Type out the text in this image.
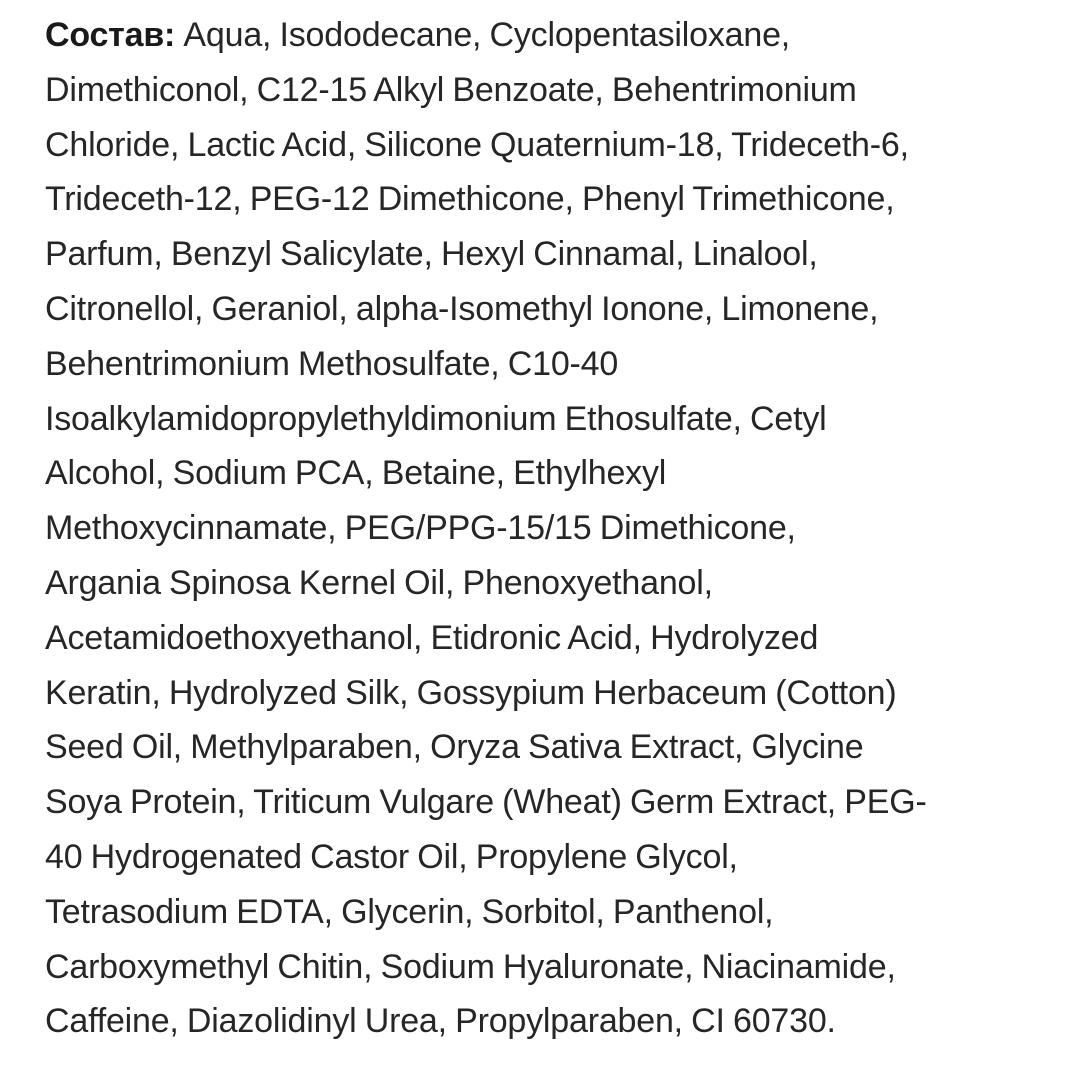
Состав: Aqua, Isododecane, Cyclopentasiloxane,
Dimethiconol, C12-15 Alkyl Benzoate, Behentrimonium
Chloride, Lactic Acid, Silicone Quaternium-18, Trideceth-6,
Trideceth-12, PEG-12 Dimethicone, Phenyl Trimethicone,
Parfum, Benzyl Salicylate, Hexyl Cinnamal, Linalool,
Citronellol, Geraniol, alpha-Isomethyl Ionone, Limonene,
Behentrimonium Methosulfate, C10-40
Isoalkylamidopropylethyldimonium Ethosulfate, Cetyl
Alcohol, Sodium PCA, Betaine, Ethylhexyl
Methoxycinnamate, PEG/PPG-15/15 Dimethicone,
Argania Spinosa Kernel Oil, Phenoxyethanol,
Acetamidoethoxyethanol, Etidronic Acid, Hydrolyzed
Keratin, Hydrolyzed Silk, Gossypium Herbaceum (Cotton)
Seed Oil, Methylparaben, Oryza Sativa Extract, Glycine
Soya Protein, Triticum Vulgare (Wheat) Germ Extract, PEG-
40 Hydrogenated Castor Oil, Propylene Glycol,
Tetrasodium EDTA, Glycerin, Sorbitol, Panthenol,
Carboxymethyl Chitin, Sodium Hyaluronate, Niacinamide,
Caffeine, Diazolidinyl Urea, Propylparaben, CI 60730.
